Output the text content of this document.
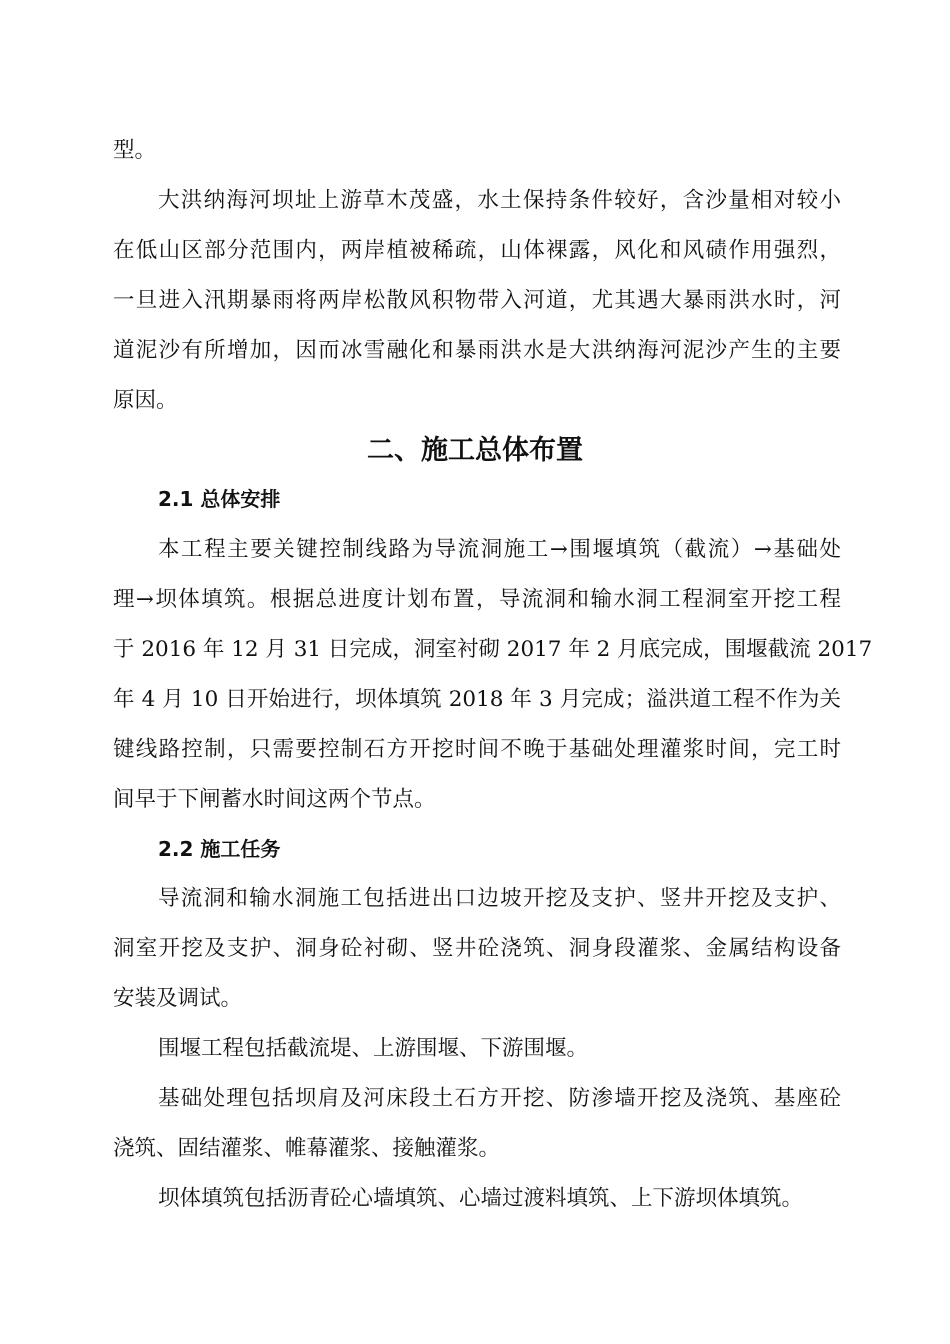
型。
大洪纳海河坝址上游草木茂盛，水土保持条件较好，含沙量相对较小
在低山区部分范围内，两岸植被稀疏，山体裸露，风化和风碛作用强烈，
一旦进入汛期暴雨将两岸松散风积物带入河道，尤其遇大暴雨洪水时，河
道泥沙有所增加，因而冰雪融化和暴雨洪水是大洪纳海河泥沙产生的主要
原因。
二、施工总体布置
2.1 总体安排
本工程主要关键控制线路为导流洞施工→围堰填筑（截流）→基础处
理→坝体填筑。根据总进度计划布置，导流洞和输水洞工程洞室开挖工程
于 2016 年 12 月 31 日完成，洞室衬砌 2017 年 2 月底完成，围堰截流 2017
年 4 月 10 日开始进行，坝体填筑 2018 年 3 月完成；溢洪道工程不作为关
键线路控制，只需要控制石方开挖时间不晚于基础处理灌浆时间，完工时
间早于下闸蓄水时间这两个节点。
2.2 施工任务
导流洞和输水洞施工包括进出口边坡开挖及支护、竖井开挖及支护、
洞室开挖及支护、洞身砼衬砌、竖井砼浇筑、洞身段灌浆、金属结构设备
安装及调试。
围堰工程包括截流堤、上游围堰、下游围堰。
基础处理包括坝肩及河床段土石方开挖、防渗墙开挖及浇筑、基座砼
浇筑、固结灌浆、帷幕灌浆、接触灌浆。
坝体填筑包括沥青砼心墙填筑、心墙过渡料填筑、上下游坝体填筑。
